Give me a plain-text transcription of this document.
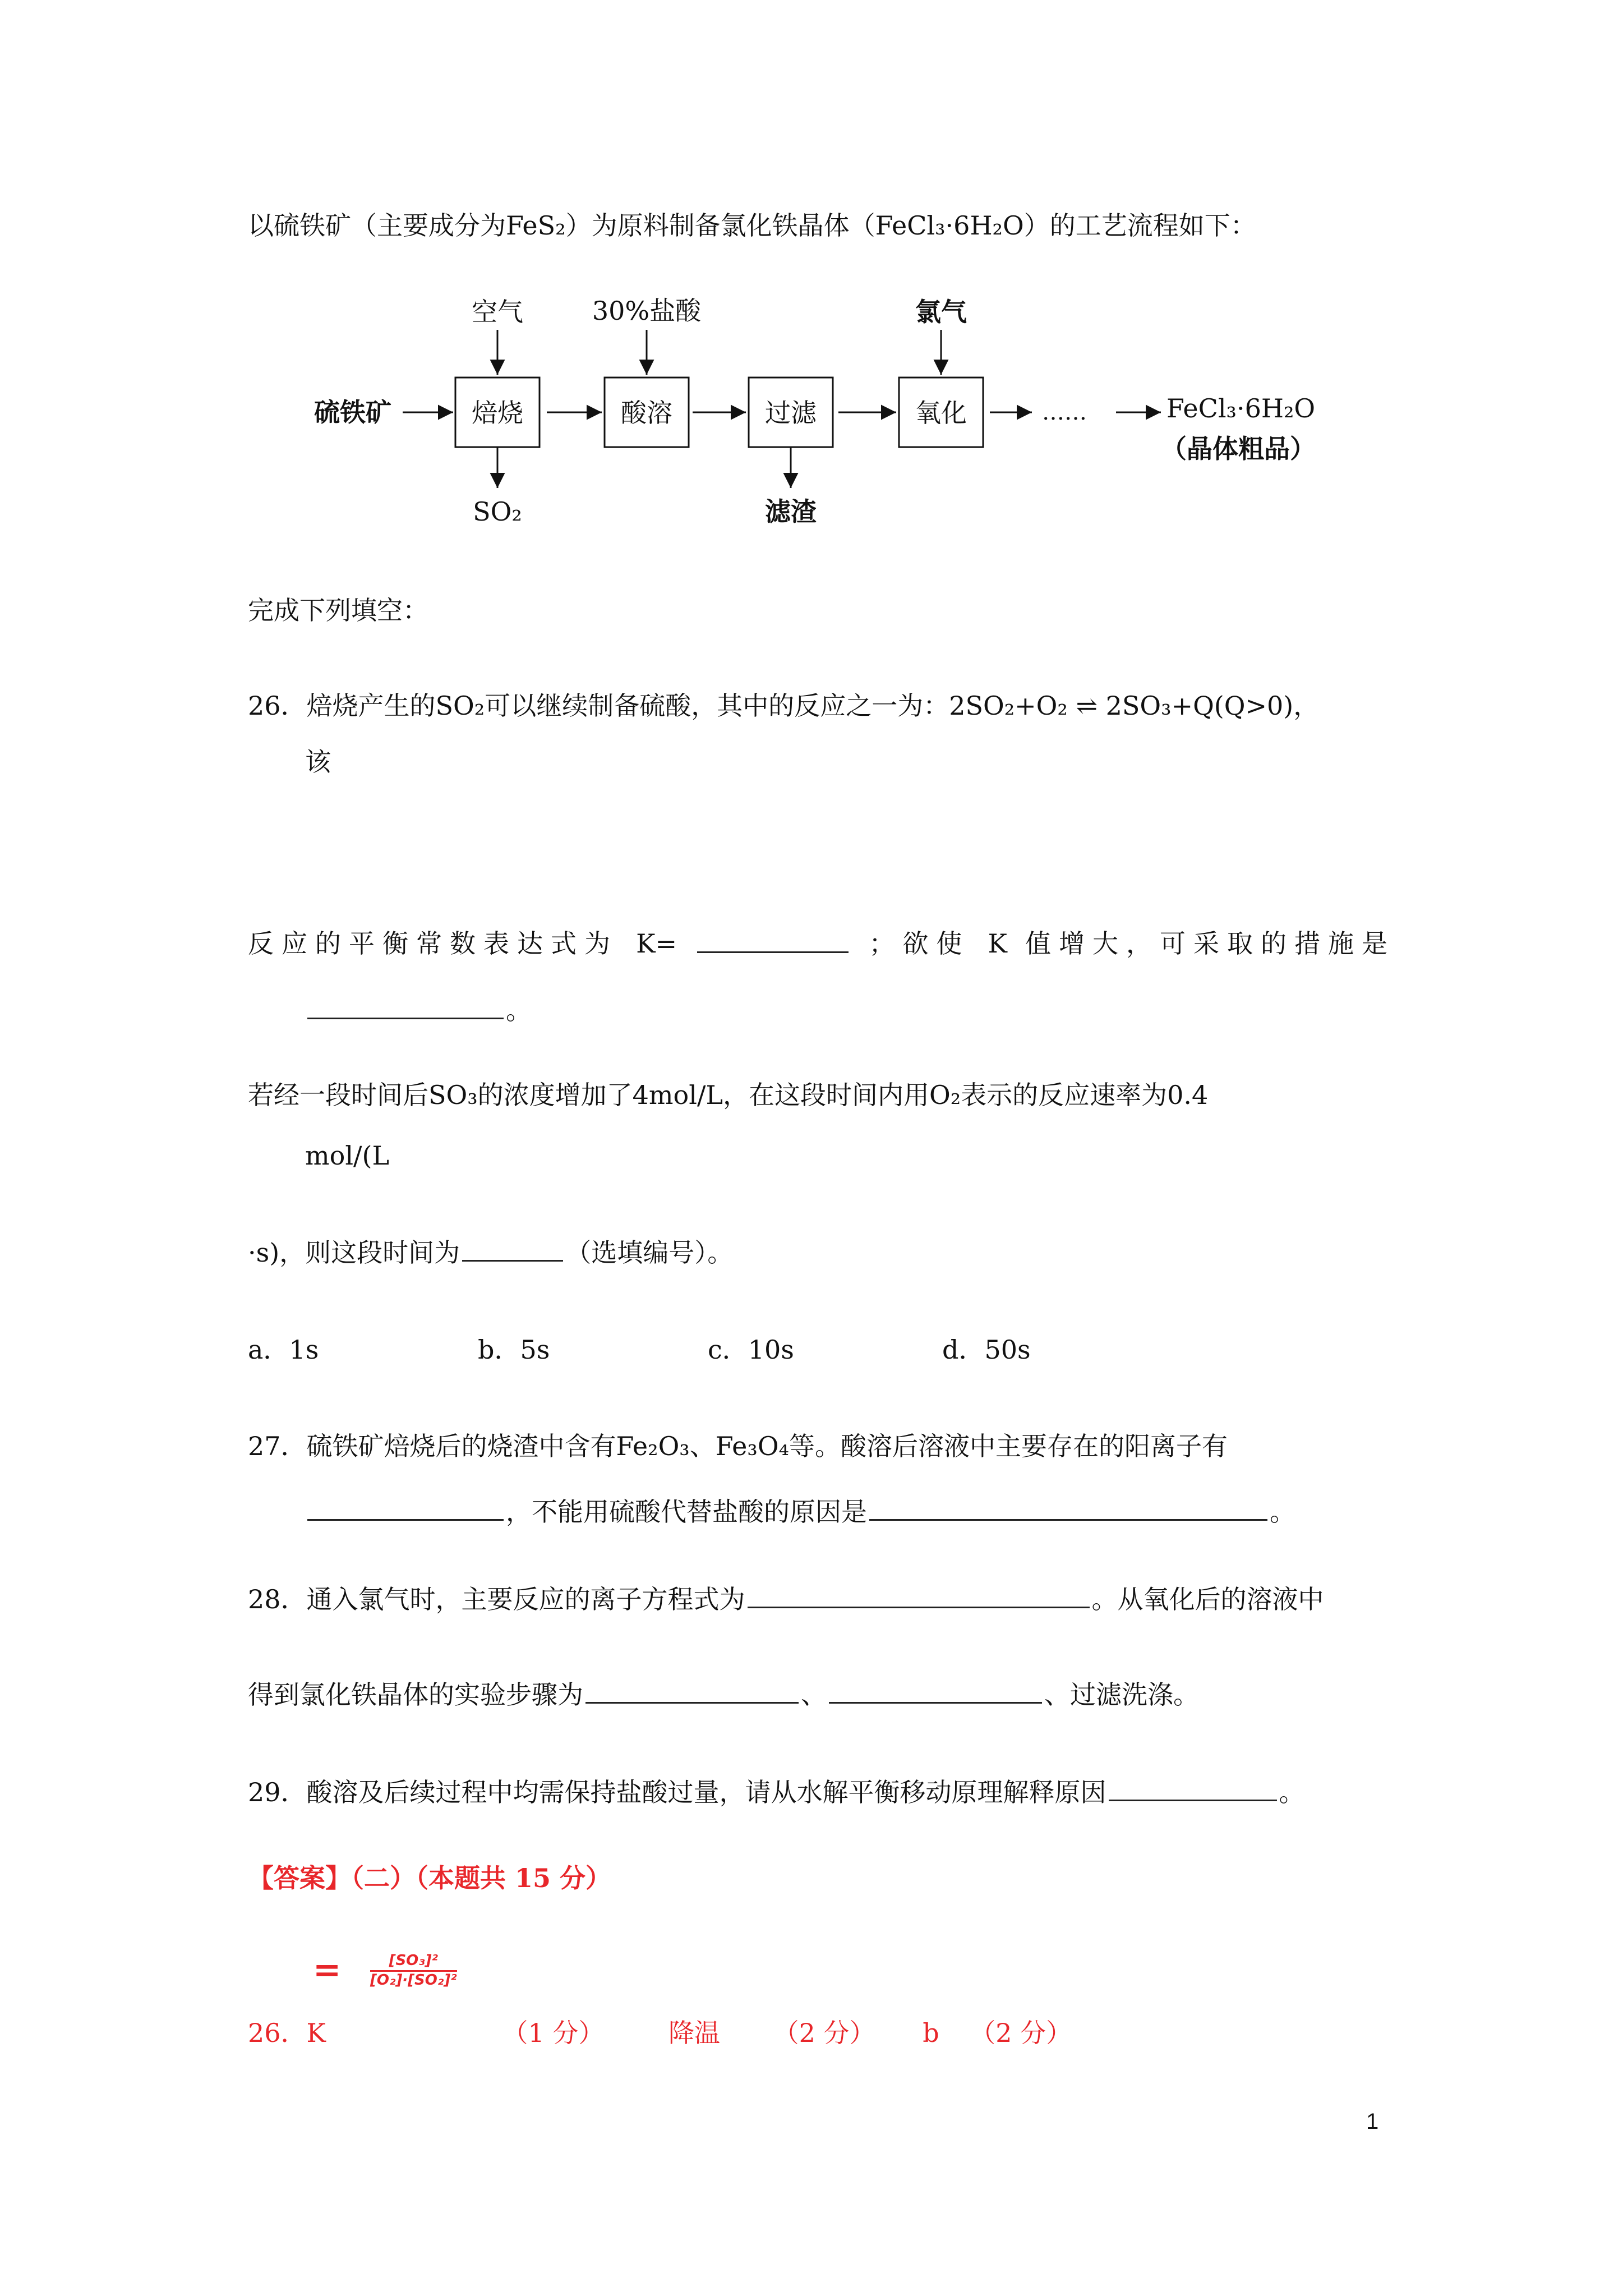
以硫铁矿（主要成分为FeS₂）为原料制备氯化铁晶体（FeCl₃·6H₂O）的工艺流程如下：
硫铁矿	焙烧
空气
SO₂
酸溶
30%盐酸
过滤
滤渣
氧化
氯气
……	FeCl₃·6H₂O
（晶体粗品）
完成下列填空：
26．焙烧产生的SO₂可以继续制备硫酸，其中的反应之一为：2SO₂+O₂ ⇌ 2SO₃+Q(Q>0)，
该
反应的平衡常数表达式为 K=	；欲使 K 值增大，可采取的措施是
。
若经一段时间后SO₃的浓度增加了4mol/L，在这段时间内用O₂表示的反应速率为0.4
mol/(L
·s)，则这段时间为	（选填编号）。
a．1s	b．5s	c．10s	d．50s
27．硫铁矿焙烧后的烧渣中含有Fe₂O₃、Fe₃O₄等。酸溶后溶液中主要存在的阳离子有
，不能用硫酸代替盐酸的原因是	。
28．通入氯气时，主要反应的离子方程式为	。从氧化后的溶液中
得到氯化铁晶体的实验步骤为	、	、过滤洗涤。
29．酸溶及后续过程中均需保持盐酸过量，请从水解平衡移动原理解释原因	。
【答案】（二）（本题共 15 分）
= $\frac{\text{[SO₃]²}}{\text{[O₂]·[SO₂]²}}$
26．K	（1 分） 降温 （2 分） b （2 分）
1
